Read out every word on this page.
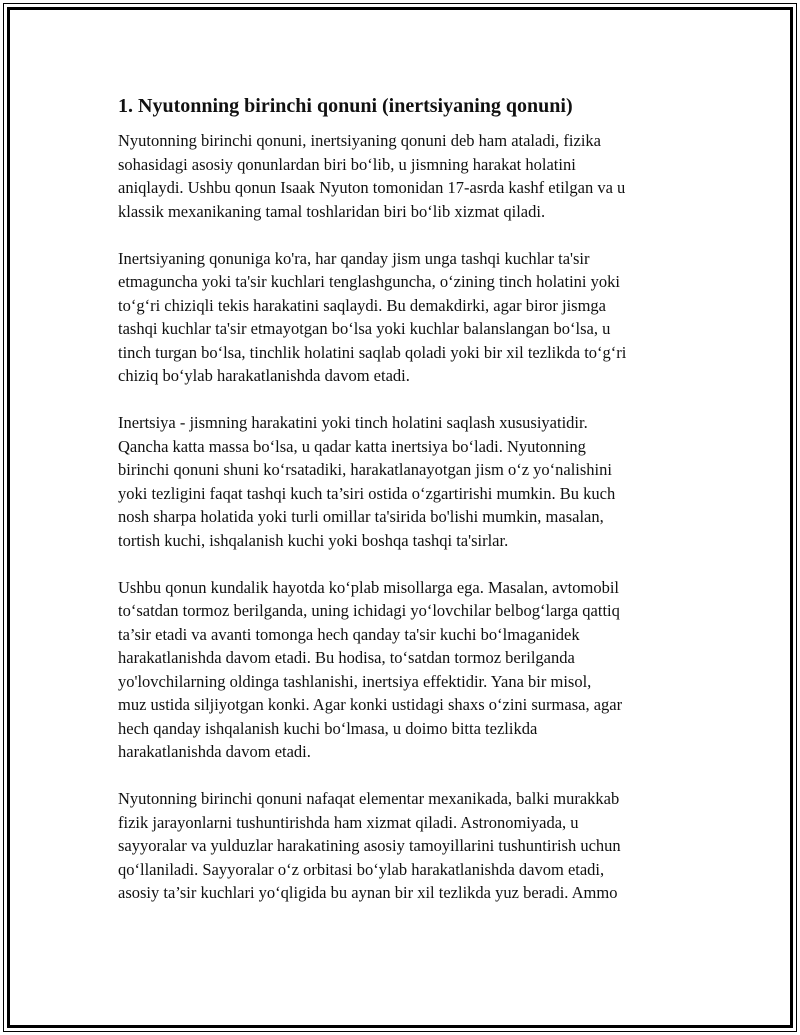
1. Nyutonning birinchi qonuni (inertsiyaning qonuni)

Nyutonning birinchi qonuni, inertsiyaning qonuni deb ham ataladi, fizika
sohasidagi asosiy qonunlardan biri bo‘lib, u jismning harakat holatini
aniqlaydi. Ushbu qonun Isaak Nyuton tomonidan 17-asrda kashf etilgan va u
klassik mexanikaning tamal toshlaridan biri bo‘lib xizmat qiladi.

Inertsiyaning qonuniga ko'ra, har qanday jism unga tashqi kuchlar ta'sir
etmaguncha yoki ta'sir kuchlari tenglashguncha, o‘zining tinch holatini yoki
to‘g‘ri chiziqli tekis harakatini saqlaydi. Bu demakdirki, agar biror jismga
tashqi kuchlar ta'sir etmayotgan bo‘lsa yoki kuchlar balanslangan bo‘lsa, u
tinch turgan bo‘lsa, tinchlik holatini saqlab qoladi yoki bir xil tezlikda to‘g‘ri
chiziq bo‘ylab harakatlanishda davom etadi.

Inertsiya - jismning harakatini yoki tinch holatini saqlash xususiyatidir.
Qancha katta massa bo‘lsa, u qadar katta inertsiya bo‘ladi. Nyutonning
birinchi qonuni shuni ko‘rsatadiki, harakatlanayotgan jism o‘z yo‘nalishini
yoki tezligini faqat tashqi kuch ta’siri ostida o‘zgartirishi mumkin. Bu kuch
nosh sharpa holatida yoki turli omillar ta'sirida bo'lishi mumkin, masalan,
tortish kuchi, ishqalanish kuchi yoki boshqa tashqi ta'sirlar.

Ushbu qonun kundalik hayotda ko‘plab misollarga ega. Masalan, avtomobil
to‘satdan tormoz berilganda, uning ichidagi yo‘lovchilar belbog‘larga qattiq
ta’sir etadi va avanti tomonga hech qanday ta'sir kuchi bo‘lmaganidek
harakatlanishda davom etadi. Bu hodisa, to‘satdan tormoz berilganda
yo'lovchilarning oldinga tashlanishi, inertsiya effektidir. Yana bir misol,
muz ustida siljiyotgan konki. Agar konki ustidagi shaxs o‘zini surmasa, agar
hech qanday ishqalanish kuchi bo‘lmasa, u doimo bitta tezlikda
harakatlanishda davom etadi.

Nyutonning birinchi qonuni nafaqat elementar mexanikada, balki murakkab
fizik jarayonlarni tushuntirishda ham xizmat qiladi. Astronomiyada, u
sayyoralar va yulduzlar harakatining asosiy tamoyillarini tushuntirish uchun
qo‘llaniladi. Sayyoralar o‘z orbitasi bo‘ylab harakatlanishda davom etadi,
asosiy ta’sir kuchlari yo‘qligida bu aynan bir xil tezlikda yuz beradi. Ammo
